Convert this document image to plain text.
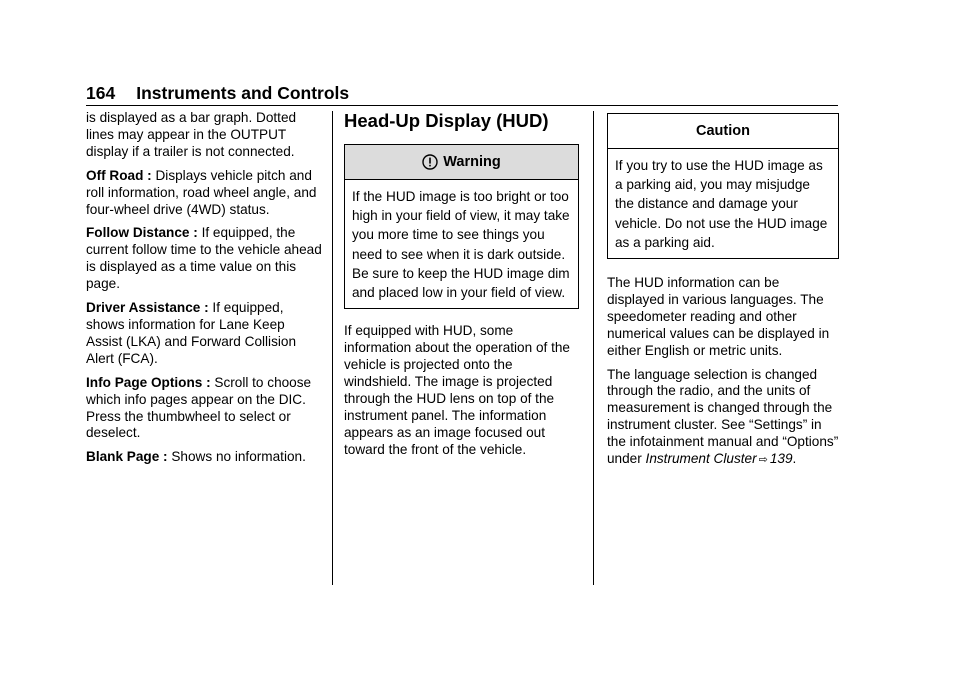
164 Instruments and Controls

is displayed as a bar graph. Dotted lines may appear in the OUTPUT display if a trailer is not connected.

Off Road : Displays vehicle pitch and roll information, road wheel angle, and four-wheel drive (4WD) status.

Follow Distance : If equipped, the current follow time to the vehicle ahead is displayed as a time value on this page.

Driver Assistance : If equipped, shows information for Lane Keep Assist (LKA) and Forward Collision Alert (FCA).

Info Page Options : Scroll to choose which info pages appear on the DIC. Press the thumbwheel to select or deselect.

Blank Page : Shows no information.

Head-Up Display (HUD)
Warning
If the HUD image is too bright or too high in your field of view, it may take you more time to see things you need to see when it is dark outside. Be sure to keep the HUD image dim and placed low in your field of view.

If equipped with HUD, some information about the operation of the vehicle is projected onto the windshield. The image is projected through the HUD lens on top of the instrument panel. The information appears as an image focused out toward the front of the vehicle.

Caution
If you try to use the HUD image as a parking aid, you may misjudge the distance and damage your vehicle. Do not use the HUD image as a parking aid.

The HUD information can be displayed in various languages. The speedometer reading and other numerical values can be displayed in either English or metric units.

The language selection is changed through the radio, and the units of measurement is changed through the instrument cluster. See “Settings” in the infotainment manual and “Options” under Instrument Cluster ⇨ 139.
